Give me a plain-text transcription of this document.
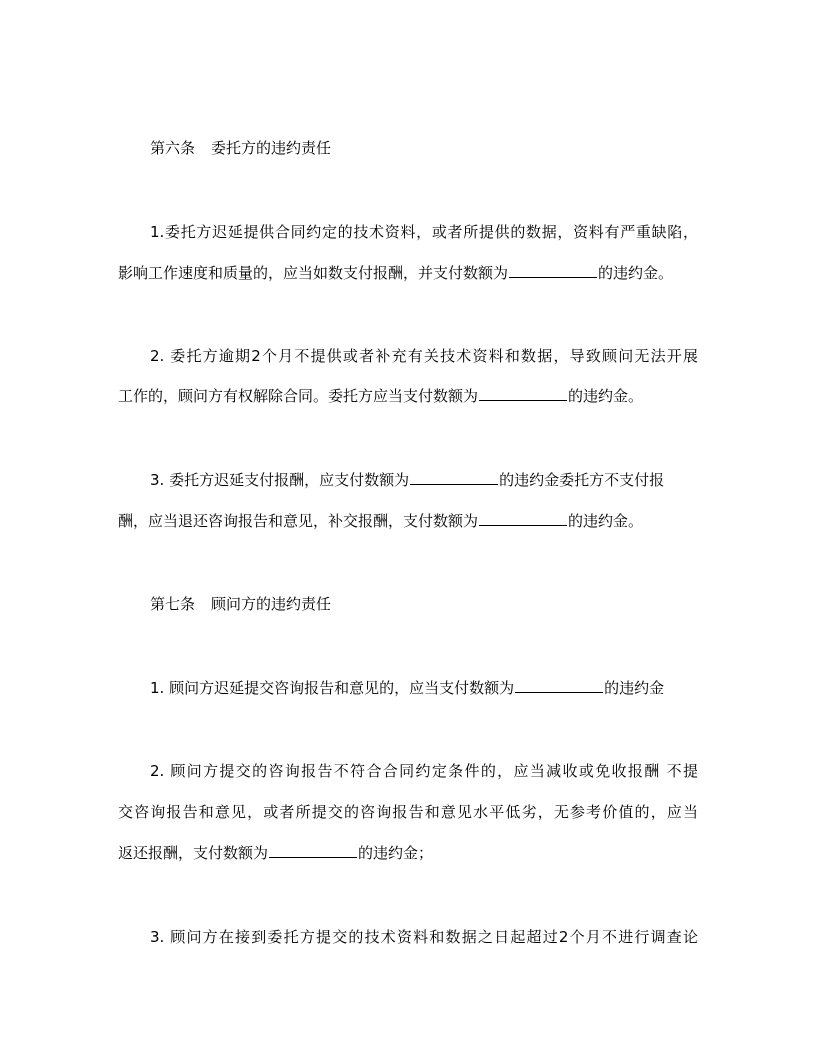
第六条 委托方的违约责任
1.委托方迟延提供合同约定的技术资料，或者所提供的数据，资料有严重缺陷，
影响工作速度和质量的，应当如数支付报酬，并支付数额为	的违约金。
2. 委托方逾期2个月不提供或者补充有关技术资料和数据，导致顾问无法开展
工作的，顾问方有权解除合同。委托方应当支付数额为	的违约金。
3. 委托方迟延支付报酬，应支付数额为	的违约金委托方不支付报
酬，应当退还咨询报告和意见，补交报酬，支付数额为	的违约金。
第七条 顾问方的违约责任
1. 顾问方迟延提交咨询报告和意见的，应当支付数额为	的违约金
2. 顾问方提交的咨询报告不符合合同约定条件的，应当减收或免收报酬 不提
交咨询报告和意见，或者所提交的咨询报告和意见水平低劣，无参考价值的，应当
返还报酬，支付数额为	的违约金；
3. 顾问方在接到委托方提交的技术资料和数据之日起超过2个月不进行调查论
